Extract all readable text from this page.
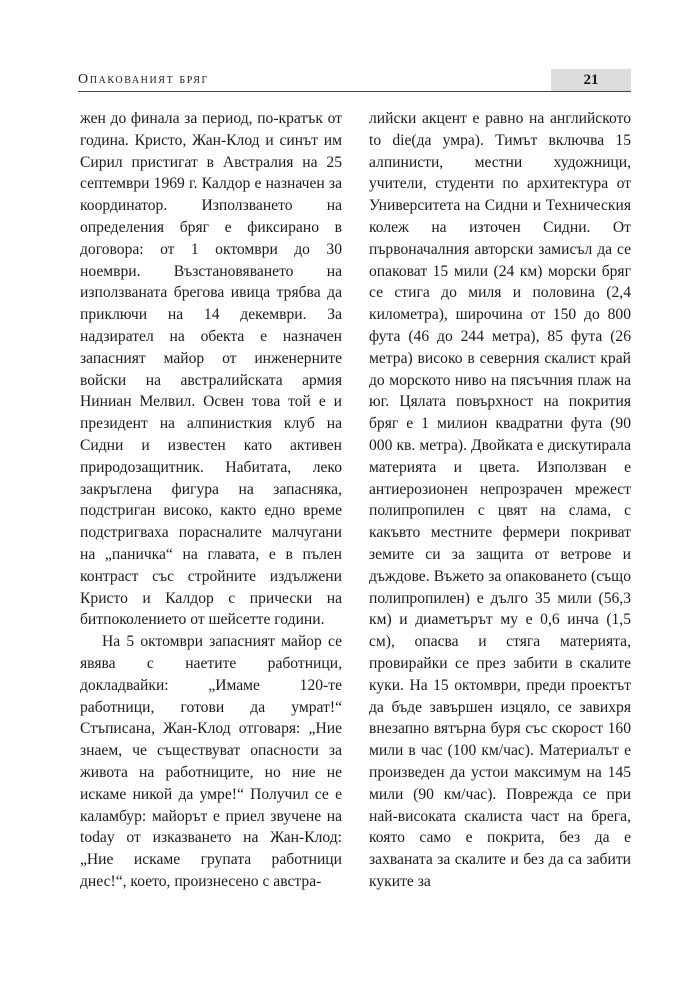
Опакованият бряг	21

жен до финала за период, по-кратък от година. Кристо, Жан-Клод и синът им Сирил пристигат в Австралия на 25 септември 1969 г. Калдор е назначен за координатор. Използването на определения бряг е фиксирано в договора: от 1 октомври до 30 ноември. Възстановяването на използваната брегова ивица трябва да приключи на 14 декември. За надзирател на обекта е назначен запасният майор от инженерните войски на австралийската армия Ниниан Мелвил. Освен това той е и президент на алпинисткия клуб на Сидни и известен като активен природозащитник. Набитата, леко закръглена фигура на запасняка, подстриган високо, както едно време подстригваха порасналите малчугани на „паничка“ на главата, е в пълен контраст със стройните издължени Кристо и Калдор с прически на битпоколението от шейсетте години.

На 5 октомври запасният майор се явява с наетите работници, докладвайки: „Имаме 120-те работници, готови да умрат!“ Стъписана, Жан-Клод отговаря: „Ние знаем, че съществуват опасности за живота на работниците, но ние не искаме никой да умре!“ Получил се е каламбур: майорът е приел звучене на today от изказването на Жан-Клод: „Ние искаме групата работници днес!“, което, произнесено с австра-

лийски акцент е равно на английското to die(да умра). Тимът включва 15 алпинисти, местни художници, учители, студенти по архитектура от Университета на Сидни и Техническия колеж на източен Сидни. От първоначалния авторски замисъл да се опаковат 15 мили (24 км) морски бряг се стига до миля и половина (2,4 километра), широчина от 150 до 800 фута (46 до 244 метра), 85 фута (26 метра) високо в северния скалист край до морското ниво на пясъчния плаж на юг. Цялата повърхност на покрития бряг е 1 милион квадратни фута (90 000 кв. метра). Двойката е дискутирала материята и цвета. Използван е антиерозионен непрозрачен мрежест полипропилен с цвят на слама, с какъвто местните фермери покриват земите си за защита от ветрове и дъждове. Въжето за опаковането (също полипропилен) е дълго 35 мили (56,3 км) и диаметърът му е 0,6 инча (1,5 см), опасва и стяга материята, провирайки се през забити в скалите куки. На 15 октомври, преди проектът да бъде завършен изцяло, се завихря внезапно вятърна буря със скорост 160 мили в час (100 км/час). Материалът е произведен да устои максимум на 145 мили (90 км/час). Поврежда се при най-високата скалиста част на брега, която само е покрита, без да е захваната за скалите и без да са забити куките за
